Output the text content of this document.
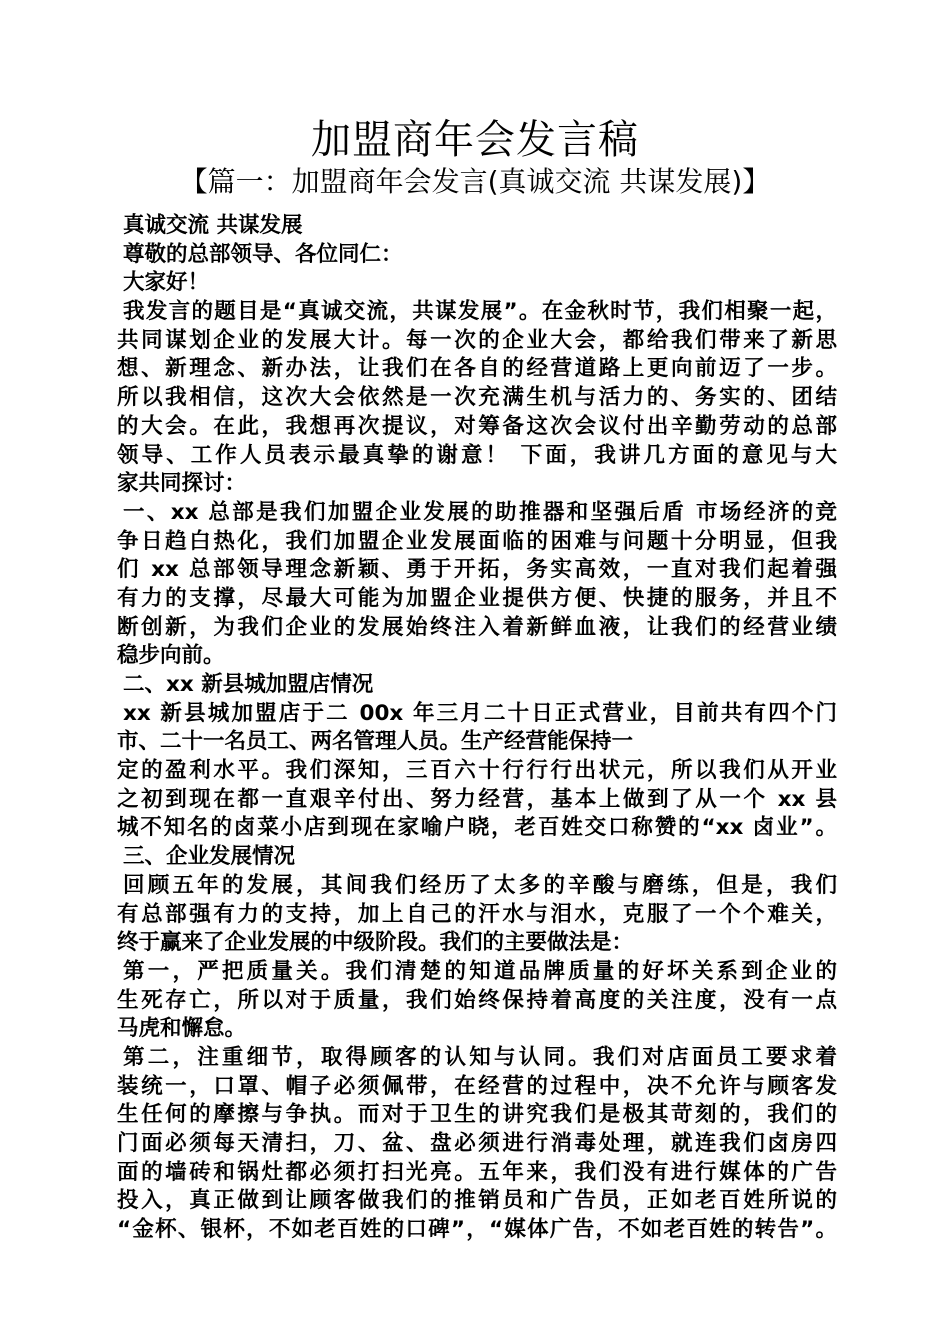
加盟商年会发言稿
【篇一：加盟商年会发言(真诚交流 共谋发展)】
真诚交流 共谋发展
尊敬的总部领导、各位同仁：
大家好！
我发言的题目是“真诚交流，共谋发展”。在金秋时节，我们相聚一起，
共同谋划企业的发展大计。每一次的企业大会，都给我们带来了新思
想、新理念、新办法，让我们在各自的经营道路上更向前迈了一步。
所以我相信，这次大会依然是一次充满生机与活力的、务实的、团结
的大会。在此，我想再次提议，对筹备这次会议付出辛勤劳动的总部
领导、工作人员表示最真挚的谢意！ 下面，我讲几方面的意见与大
家共同探讨：
一、xx 总部是我们加盟企业发展的助推器和坚强后盾 市场经济的竞
争日趋白热化，我们加盟企业发展面临的困难与问题十分明显，但我
们 xx 总部领导理念新颖、勇于开拓，务实高效，一直对我们起着强
有力的支撑，尽最大可能为加盟企业提供方便、快捷的服务，并且不
断创新，为我们企业的发展始终注入着新鲜血液，让我们的经营业绩
稳步向前。
二、xx 新县城加盟店情况
xx 新县城加盟店于二 00x 年三月二十日正式营业，目前共有四个门
市、二十一名员工、两名管理人员。生产经营能保持一
定的盈利水平。我们深知，三百六十行行行出状元，所以我们从开业
之初到现在都一直艰辛付出、努力经营，基本上做到了从一个 xx 县
城不知名的卤菜小店到现在家喻户晓，老百姓交口称赞的“xx 卤业”。
三、企业发展情况
回顾五年的发展，其间我们经历了太多的辛酸与磨练，但是，我们
有总部强有力的支持，加上自己的汗水与泪水，克服了一个个难关，
终于赢来了企业发展的中级阶段。我们的主要做法是：
第一，严把质量关。我们清楚的知道品牌质量的好坏关系到企业的
生死存亡，所以对于质量，我们始终保持着高度的关注度，没有一点
马虎和懈怠。
第二，注重细节，取得顾客的认知与认同。我们对店面员工要求着
装统一，口罩、帽子必须佩带，在经营的过程中，决不允许与顾客发
生任何的摩擦与争执。而对于卫生的讲究我们是极其苛刻的，我们的
门面必须每天清扫，刀、盆、盘必须进行消毒处理，就连我们卤房四
面的墙砖和锅灶都必须打扫光亮。五年来，我们没有进行媒体的广告
投入，真正做到让顾客做我们的推销员和广告员，正如老百姓所说的
“金杯、银杯，不如老百姓的口碑”，“媒体广告，不如老百姓的转告”。
